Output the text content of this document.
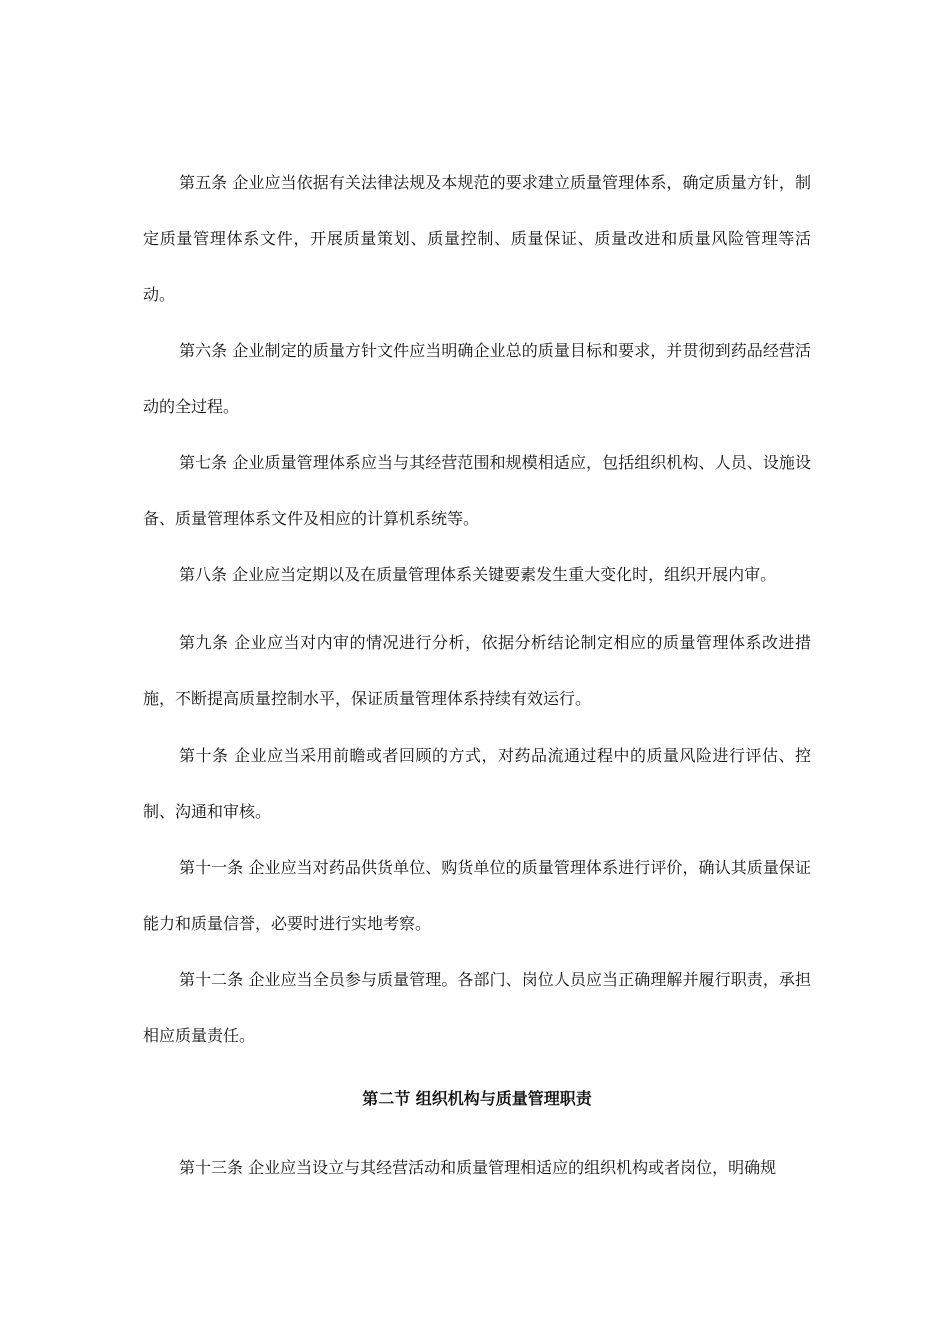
第五条 企业应当依据有关法律法规及本规范的要求建立质量管理体系，确定质量方针，制定质量管理体系文件，开展质量策划、质量控制、质量保证、质量改进和质量风险管理等活动。

第六条 企业制定的质量方针文件应当明确企业总的质量目标和要求，并贯彻到药品经营活动的全过程。

第七条 企业质量管理体系应当与其经营范围和规模相适应，包括组织机构、人员、设施设备、质量管理体系文件及相应的计算机系统等。

第八条 企业应当定期以及在质量管理体系关键要素发生重大变化时，组织开展内审。

第九条 企业应当对内审的情况进行分析，依据分析结论制定相应的质量管理体系改进措施，不断提高质量控制水平，保证质量管理体系持续有效运行。

第十条 企业应当采用前瞻或者回顾的方式，对药品流通过程中的质量风险进行评估、控制、沟通和审核。

第十一条 企业应当对药品供货单位、购货单位的质量管理体系进行评价，确认其质量保证能力和质量信誉，必要时进行实地考察。

第十二条 企业应当全员参与质量管理。各部门、岗位人员应当正确理解并履行职责，承担相应质量责任。

第二节 组织机构与质量管理职责

第十三条 企业应当设立与其经营活动和质量管理相适应的组织机构或者岗位，明确规
